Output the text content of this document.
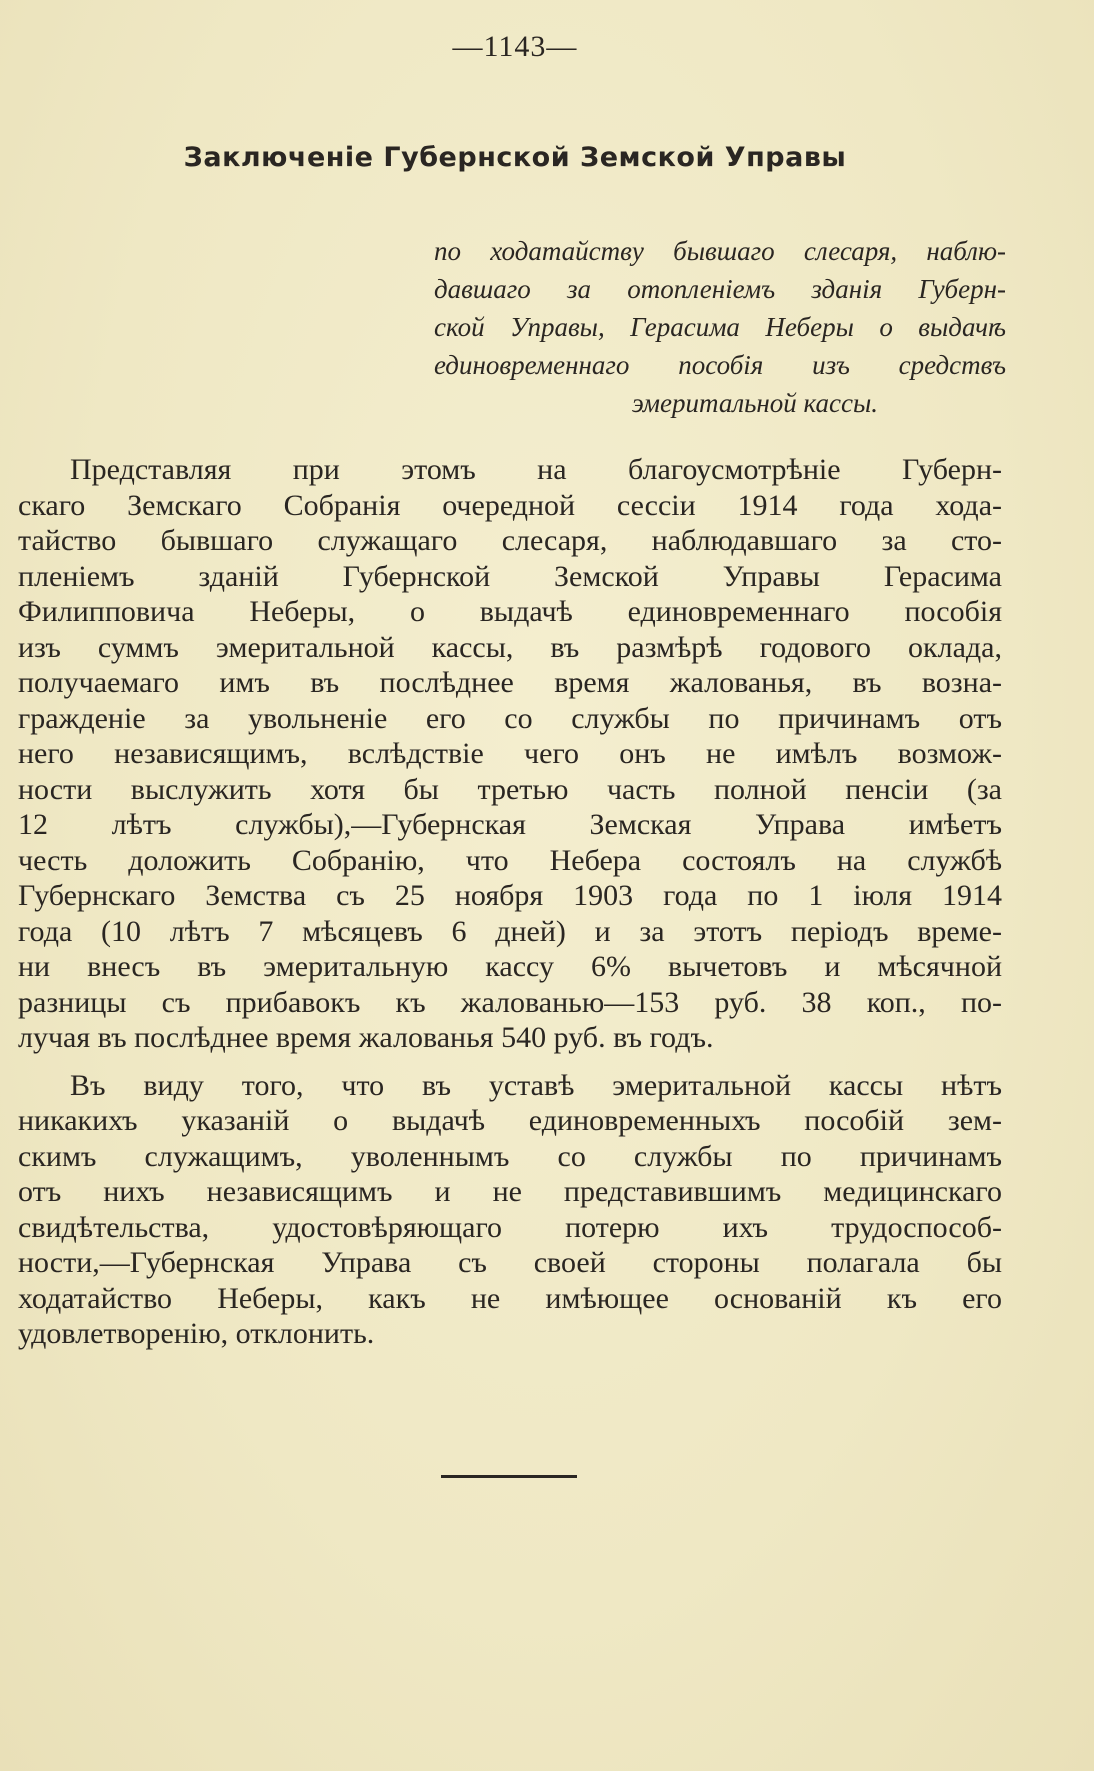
—1143—
Заключеніе Губернской Земской Управы
по ходатайству бывшаго слесаря, наблю-
давшаго за отопленіемъ зданія Губерн-
ской Управы, Герасима Неберы о выдачѣ
единовременнаго пособія изъ средствъ
эмеритальной кассы.
Представляя при этомъ на благоусмотрѣніе Губерн-
скаго Земскаго Собранія очередной сессіи 1914 года хода-
тайство бывшаго служащаго слесаря, наблюдавшаго за сто-
пленіемъ зданій Губернской Земской Управы Герасима
Филипповича Неберы, о выдачѣ единовременнаго пособія
изъ суммъ эмеритальной кассы, въ размѣрѣ годового оклада,
получаемаго имъ въ послѣднее время жалованья, въ возна-
гражденіе за увольненіе его со службы по причинамъ отъ
него независящимъ, вслѣдствіе чего онъ не имѣлъ возмож-
ности выслужить хотя бы третью часть полной пенсіи (за
12 лѣтъ службы),—Губернская Земская Управа имѣетъ
честь доложить Собранію, что Небера состоялъ на службѣ
Губернскаго Земства съ 25 ноября 1903 года по 1 іюля 1914
года (10 лѣтъ 7 мѣсяцевъ 6 дней) и за этотъ періодъ време-
ни внесъ въ эмеритальную кассу 6% вычетовъ и мѣсячной
разницы съ прибавокъ къ жалованью—153 руб. 38 коп., по-
лучая въ послѣднее время жалованья 540 руб. въ годъ.
Въ виду того, что въ уставѣ эмеритальной кассы нѣтъ
никакихъ указаній о выдачѣ единовременныхъ пособій зем-
скимъ служащимъ, уволеннымъ со службы по причинамъ
отъ нихъ независящимъ и не представившимъ медицинскаго
свидѣтельства, удостовѣряющаго потерю ихъ трудоспособ-
ности,—Губернская Управа съ своей стороны полагала бы
ходатайство Неберы, какъ не имѣющее основаній къ его
удовлетворенію, отклонить.
